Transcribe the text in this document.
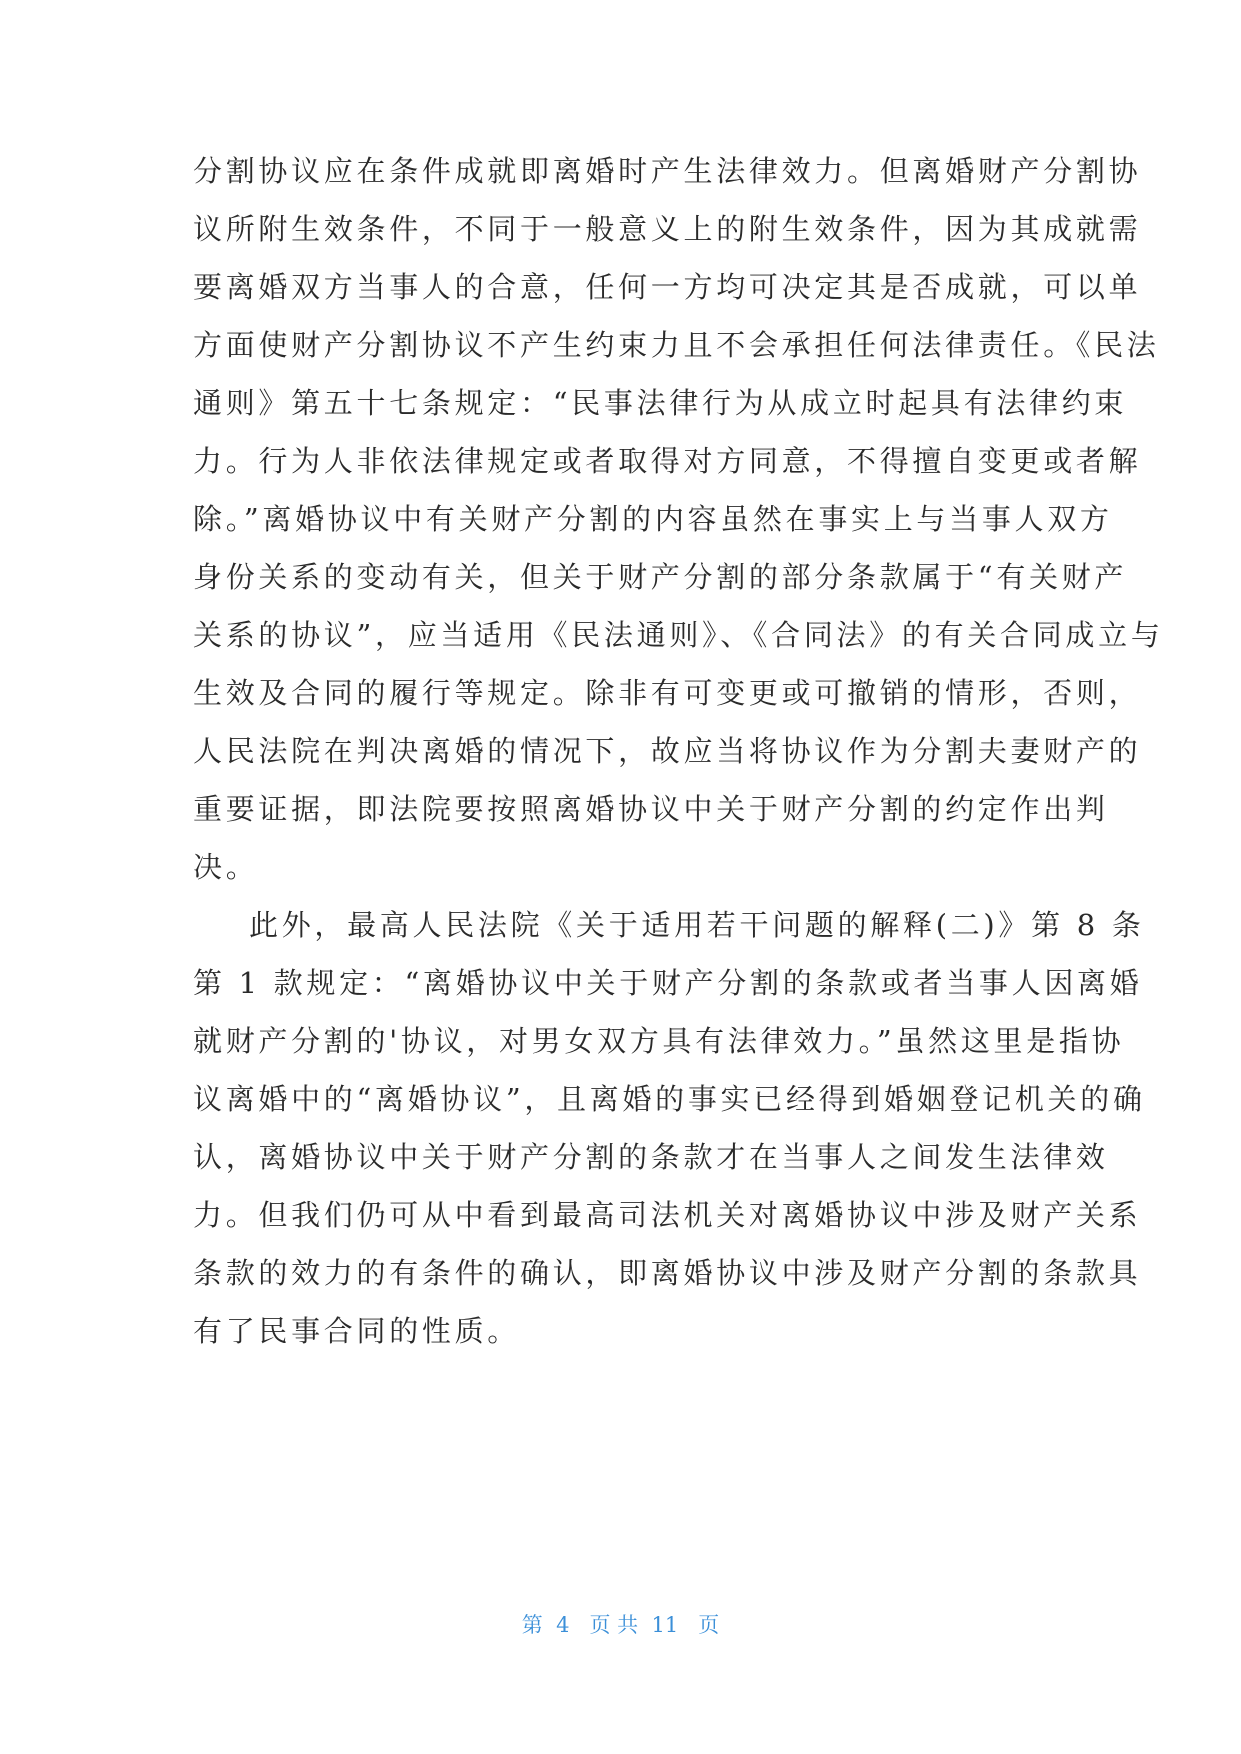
分割协议应在条件成就即离婚时产生法律效力。但离婚财产分割协
议所附生效条件，不同于一般意义上的附生效条件，因为其成就需
要离婚双方当事人的合意，任何一方均可决定其是否成就，可以单
方面使财产分割协议不产生约束力且不会承担任何法律责任。《民法
通则》第五十七条规定：“民事法律行为从成立时起具有法律约束
力。行为人非依法律规定或者取得对方同意，不得擅自变更或者解
除。”离婚协议中有关财产分割的内容虽然在事实上与当事人双方
身份关系的变动有关，但关于财产分割的部分条款属于“有关财产
关系的协议”，应当适用《民法通则》、《合同法》的有关合同成立与
生效及合同的履行等规定。除非有可变更或可撤销的情形，否则，
人民法院在判决离婚的情况下，故应当将协议作为分割夫妻财产的
重要证据，即法院要按照离婚协议中关于财产分割的约定作出判
决。
此外，最高人民法院《关于适用若干问题的解释(二)》第 8 条
第 1 款规定：“离婚协议中关于财产分割的条款或者当事人因离婚
就财产分割的'协议，对男女双方具有法律效力。”虽然这里是指协
议离婚中的“离婚协议”，且离婚的事实已经得到婚姻登记机关的确
认，离婚协议中关于财产分割的条款才在当事人之间发生法律效
力。但我们仍可从中看到最高司法机关对离婚协议中涉及财产关系
条款的效力的有条件的确认，即离婚协议中涉及财产分割的条款具
有了民事合同的性质。
第  4   页 共  11   页
